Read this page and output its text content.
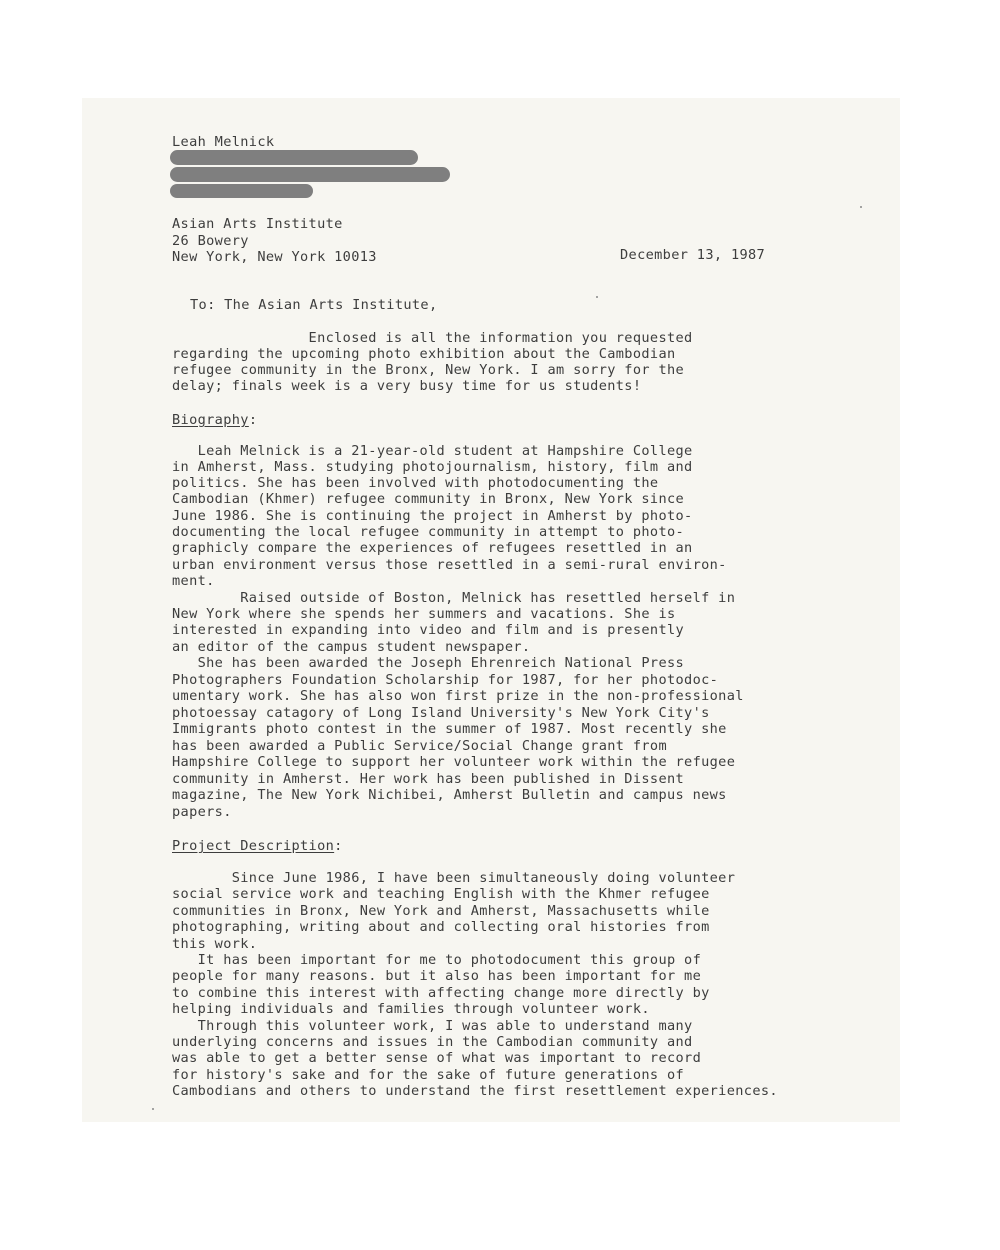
Leah Melnick

Asian Arts Institute

26 Bowery

New York, New York 10013	December 13, 1987

To: The Asian Arts Institute,

Enclosed is all the information you requested

regarding the upcoming photo exhibition about the Cambodian

refugee community in the Bronx, New York. I am sorry for the

delay; finals week is a very busy time for us students!

Biography:

Leah Melnick is a 21-year-old student at Hampshire College

in Amherst, Mass. studying photojournalism, history, film and

politics. She has been involved with photodocumenting the

Cambodian (Khmer) refugee community in Bronx, New York since

June 1986. She is continuing the project in Amherst by photo-

documenting the local refugee community in attempt to photo-

graphicly compare the experiences of refugees resettled in an

urban environment versus those resettled in a semi-rural environ-

ment.

Raised outside of Boston, Melnick has resettled herself in

New York where she spends her summers and vacations. She is

interested in expanding into video and film and is presently

an editor of the campus student newspaper.

She has been awarded the Joseph Ehrenreich National Press

Photographers Foundation Scholarship for 1987, for her photodoc-

umentary work. She has also won first prize in the non-professional

photoessay catagory of Long Island University's New York City's

Immigrants photo contest in the summer of 1987. Most recently she

has been awarded a Public Service/Social Change grant from

Hampshire College to support her volunteer work within the refugee

community in Amherst. Her work has been published in Dissent

magazine, The New York Nichibei, Amherst Bulletin and campus news

papers.

Project Description:

Since June 1986, I have been simultaneously doing volunteer

social service work and teaching English with the Khmer refugee

communities in Bronx, New York and Amherst, Massachusetts while

photographing, writing about and collecting oral histories from

this work.

It has been important for me to photodocument this group of

people for many reasons. but it also has been important for me

to combine this interest with affecting change more directly by

helping individuals and families through volunteer work.

Through this volunteer work, I was able to understand many

underlying concerns and issues in the Cambodian community and

was able to get a better sense of what was important to record

for history's sake and for the sake of future generations of

Cambodians and others to understand the first resettlement experiences.
